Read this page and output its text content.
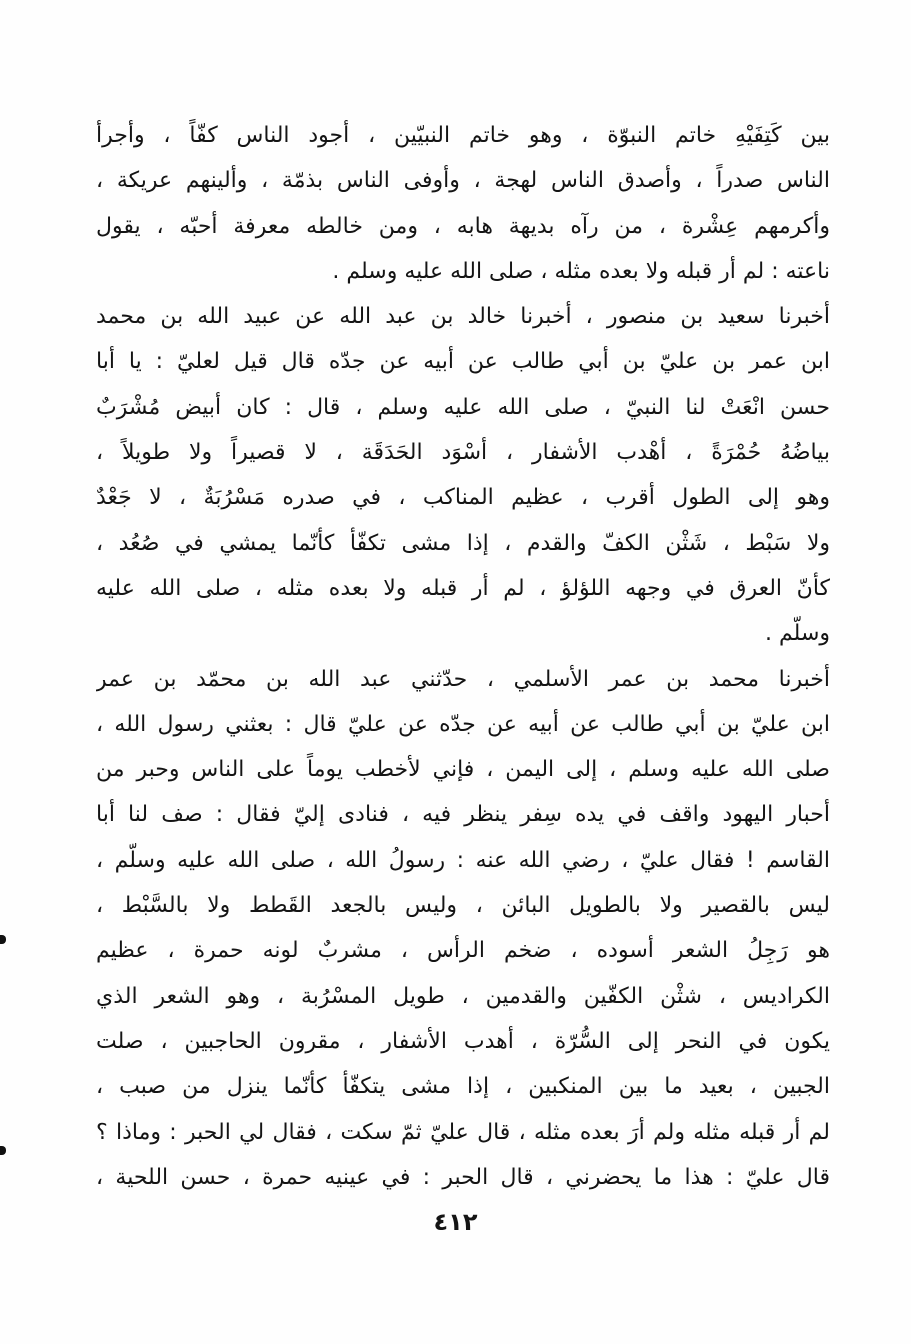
بين كَتِفَيْهِ خاتم النبوّة ، وهو خاتم النبيّين ، أجود الناس كفّاً ، وأجرأ
الناس صدراً ، وأصدق الناس لهجة ، وأوفى الناس بذمّة ، وألينهم عريكة ،
وأكرمهم عِشْرة ، من رآه بديهة هابه ، ومن خالطه معرفة أحبّه ، يقول
ناعته : لم أر قبله ولا بعده مثله ، صلى الله عليه وسلم .
أخبرنا سعيد بن منصور ، أخبرنا خالد بن عبد الله عن عبيد الله بن محمد
ابن عمر بن عليّ بن أبي طالب عن أبيه عن جدّه قال قيل لعليّ : يا أبا
حسن انْعَتْ لنا النبيّ ، صلى الله عليه وسلم ، قال : كان أبيض مُشْرَبٌ
بياضُهُ حُمْرَةً ، أهْدب الأشفار ، أسْوَد الحَدَقَة ، لا قصيراً ولا طويلاً ،
وهو إلى الطول أقرب ، عظيم المناكب ، في صدره مَسْرُبَةٌ ، لا جَعْدٌ
ولا سَبْط ، شَثْن الكفّ والقدم ، إذا مشى تكفّأ كأنّما يمشي في صُعُد ،
كأنّ العرق في وجهه اللؤلؤ ، لم أر قبله ولا بعده مثله ، صلى الله عليه
وسلّم .
أخبرنا محمد بن عمر الأسلمي ، حدّثني عبد الله بن محمّد بن عمر
ابن عليّ بن أبي طالب عن أبيه عن جدّه عن عليّ قال : بعثني رسول الله ،
صلى الله عليه وسلم ، إلى اليمن ، فإني لأخطب يوماً على الناس وحبر من
أحبار اليهود واقف في يده سِفر ينظر فيه ، فنادى إليّ فقال : صف لنا أبا
القاسم ! فقال عليّ ، رضي الله عنه : رسولُ الله ، صلى الله عليه وسلّم ،
ليس بالقصير ولا بالطويل البائن ، وليس بالجعد القَطط ولا بالسَّبْط ،
هو رَجِلُ الشعر أسوده ، ضخم الرأس ، مشربٌ لونه حمرة ، عظيم
الكراديس ، شثْن الكفّين والقدمين ، طويل المسْرُبة ، وهو الشعر الذي
يكون في النحر إلى السُّرّة ، أهدب الأشفار ، مقرون الحاجبين ، صلت
الجبين ، بعيد ما بين المنكبين ، إذا مشى يتكفّأ كأنّما ينزل من صبب ،
لم أر قبله مثله ولم أرَ بعده مثله ، قال عليّ ثمّ سكت ، فقال لي الحبر : وماذا ؟
قال عليّ : هذا ما يحضرني ، قال الحبر : في عينيه حمرة ، حسن اللحية ،
٤١٢
